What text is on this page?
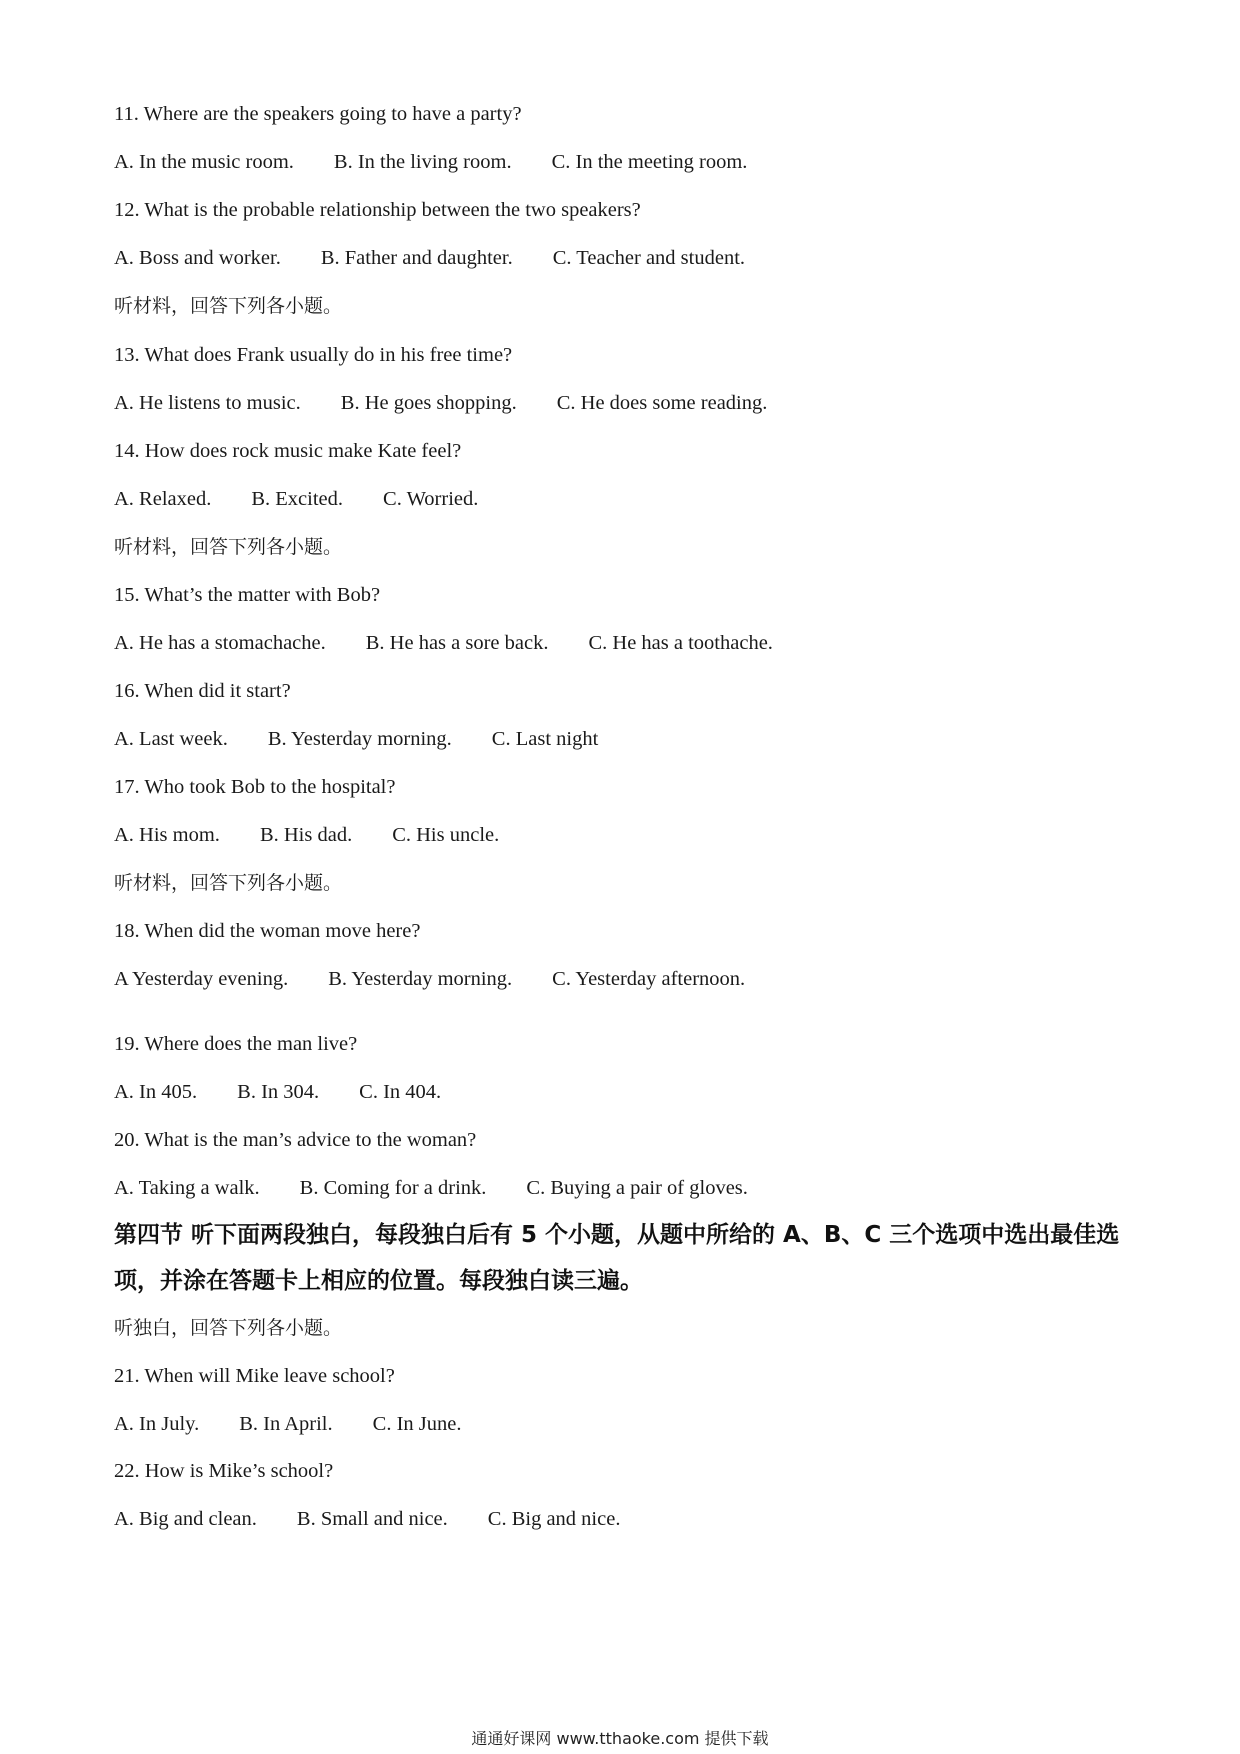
11. Where are the speakers going to have a party?
A. In the music room. B. In the living room. C. In the meeting room.
12. What is the probable relationship between the two speakers?
A. Boss and worker. B. Father and daughter. C. Teacher and student.
听材料，回答下列各小题。
13. What does Frank usually do in his free time?
A. He listens to music. B. He goes shopping. C. He does some reading.
14. How does rock music make Kate feel?
A. Relaxed. B. Excited. C. Worried.
听材料，回答下列各小题。
15. What’s the matter with Bob?
A. He has a stomachache. B. He has a sore back. C. He has a toothache.
16. When did it start?
A. Last week. B. Yesterday morning. C. Last night
17. Who took Bob to the hospital?
A. His mom. B. His dad. C. His uncle.
听材料，回答下列各小题。
18. When did the woman move here?
A Yesterday evening. B. Yesterday morning. C. Yesterday afternoon.
19. Where does the man live?
A. In 405. B. In 304. C. In 404.
20. What is the man’s advice to the woman?
A. Taking a walk. B. Coming for a drink. C. Buying a pair of gloves.
第四节 听下面两段独白，每段独白后有 5 个小题，从题中所给的 A、B、C 三个选项中选出最佳选项，并涂在答题卡上相应的位置。每段独白读三遍。
听独白，回答下列各小题。
21. When will Mike leave school?
A. In July. B. In April. C. In June.
22. How is Mike’s school?
A. Big and clean. B. Small and nice. C. Big and nice.
通通好课网 www.tthaoke.com 提供下载
